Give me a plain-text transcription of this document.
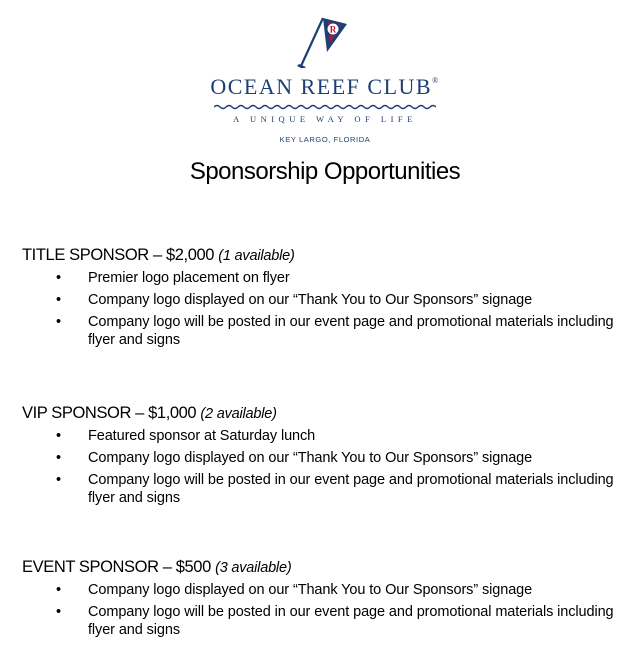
R
OCEAN REEF CLUB®
A UNIQUE WAY OF LIFE
KEY LARGO, FLORIDA
Sponsorship Opportunities
TITLE SPONSOR – $2,000 (1 available)
• Premier logo placement on flyer
• Company logo displayed on our “Thank You to Our Sponsors” signage
• Company logo will be posted in our event page and promotional materials including flyer and signs
VIP SPONSOR – $1,000 (2 available)
• Featured sponsor at Saturday lunch
• Company logo displayed on our “Thank You to Our Sponsors” signage
• Company logo will be posted in our event page and promotional materials including flyer and signs
EVENT SPONSOR – $500 (3 available)
• Company logo displayed on our “Thank You to Our Sponsors” signage
• Company logo will be posted in our event page and promotional materials including flyer and signs
